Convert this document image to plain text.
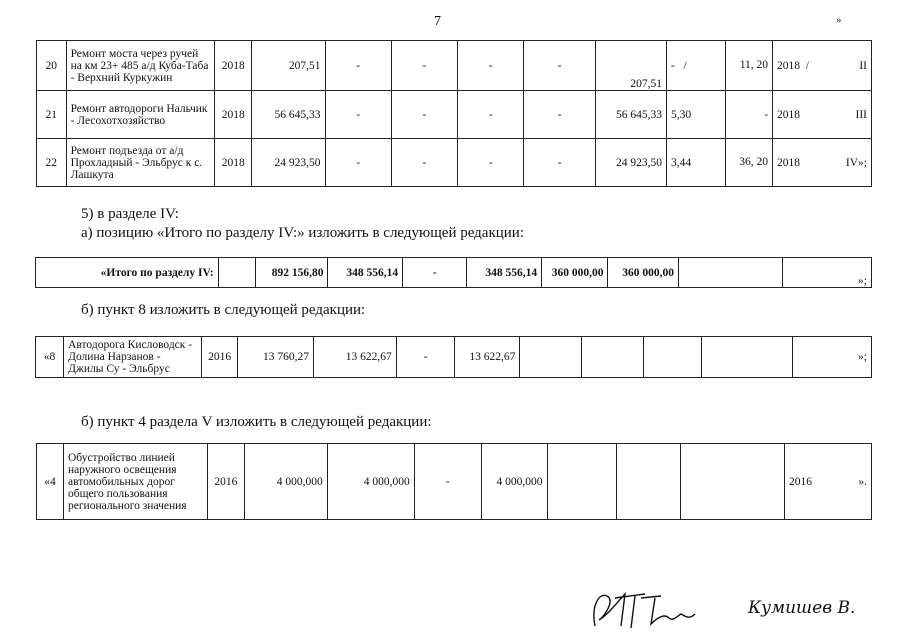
7	»
20	Ремонт моста через ручей на км 23+ 485 а/д Куба-Таба - Верхний Куркужин	2018	207,51	-	-	-	-	207,51	- /	11, 20	2018 / II

21	Ремонт автодороги Нальчик - Лесохотхозяйство	2018	56 645,33	-	-	-	-	56 645,33	5,30	-	2018 III

22	Ремонт подъезда от а/д Прохладный - Эльбрус к с. Лашкута	2018	24 923,50	-	-	-	-	24 923,50	3,44	36, 20	2018 IV»;
5) в разделе IV:
а) позицию «Итого по разделу IV:» изложить в следующей редакции:
«Итого по разделу IV:		892 156,80	348 556,14	-	348 556,14	360 000,00	360 000,00		»;
б) пункт 8 изложить в следующей редакции:
«8	Автодорога Кисловодск - Долина Нарзанов - Джилы Су - Эльбрус	2016	13 760,27	13 622,67	-	13 622,67					»;
б) пункт 4 раздела V изложить в следующей редакции:
«4	Обустройство линией наружного освещения автомобильных дорог общего пользования регионального значения	2016	4 000,000	4 000,000	-	4 000,000				2016	».
Кумишев В.
